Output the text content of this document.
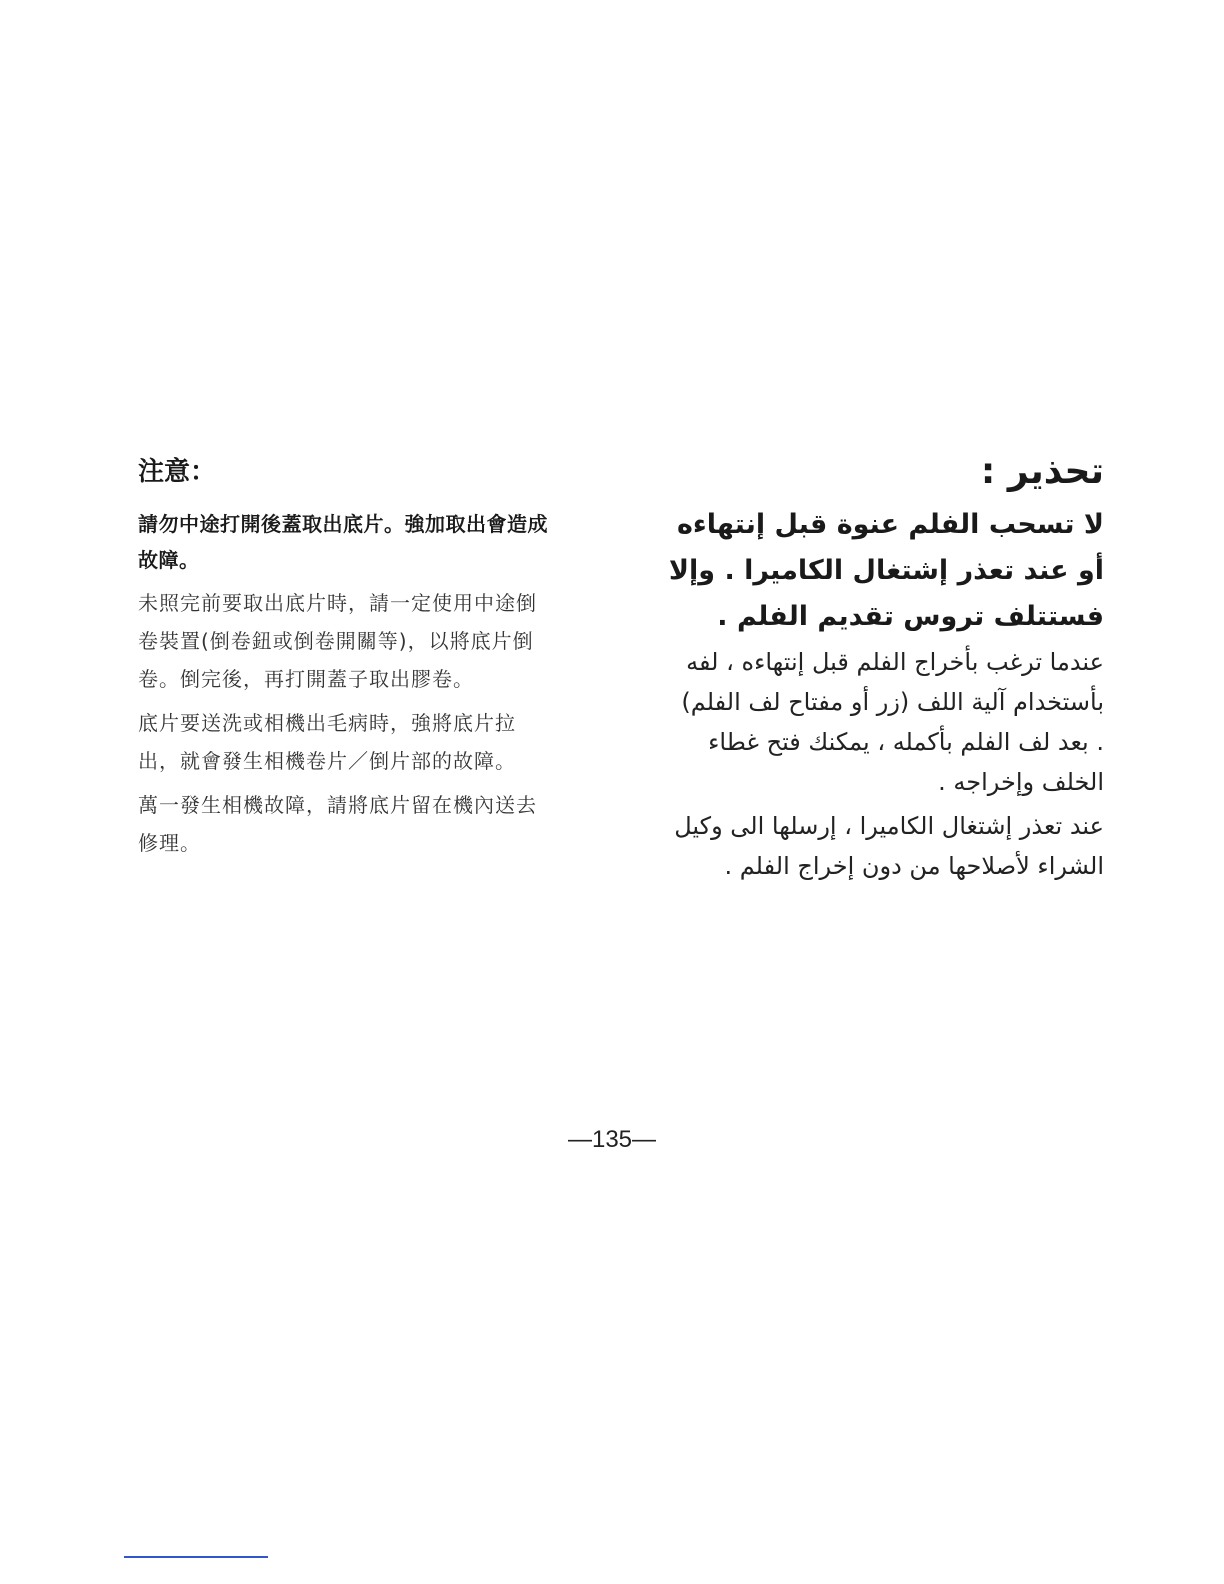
注意：
請勿中途打開後蓋取出底片。強加取出會造成故障。
未照完前要取出底片時，請一定使用中途倒卷裝置(倒卷鈕或倒卷開關等)，以將底片倒卷。倒完後，再打開蓋子取出膠卷。
底片要送洗或相機出毛病時，強將底片拉出，就會發生相機卷片／倒片部的故障。
萬一發生相機故障，請將底片留在機內送去修理。
تحذير :
لا تسحب الفلم عنوة قبل إنتهاءه أو عند تعذر إشتغال الكاميرا . وإلا فستتلف تروس تقديم الفلم .
عندما ترغب بأخراج الفلم قبل إنتهاءه ، لفه بأستخدام آلية اللف (زر أو مفتاح لف الفلم) . بعد لف الفلم بأكمله ، يمكنك فتح غطاء الخلف وإخراجه .
عند تعذر إشتغال الكاميرا ، إرسلها الى وكيل الشراء لأصلاحها من دون إخراج الفلم .
—135—
